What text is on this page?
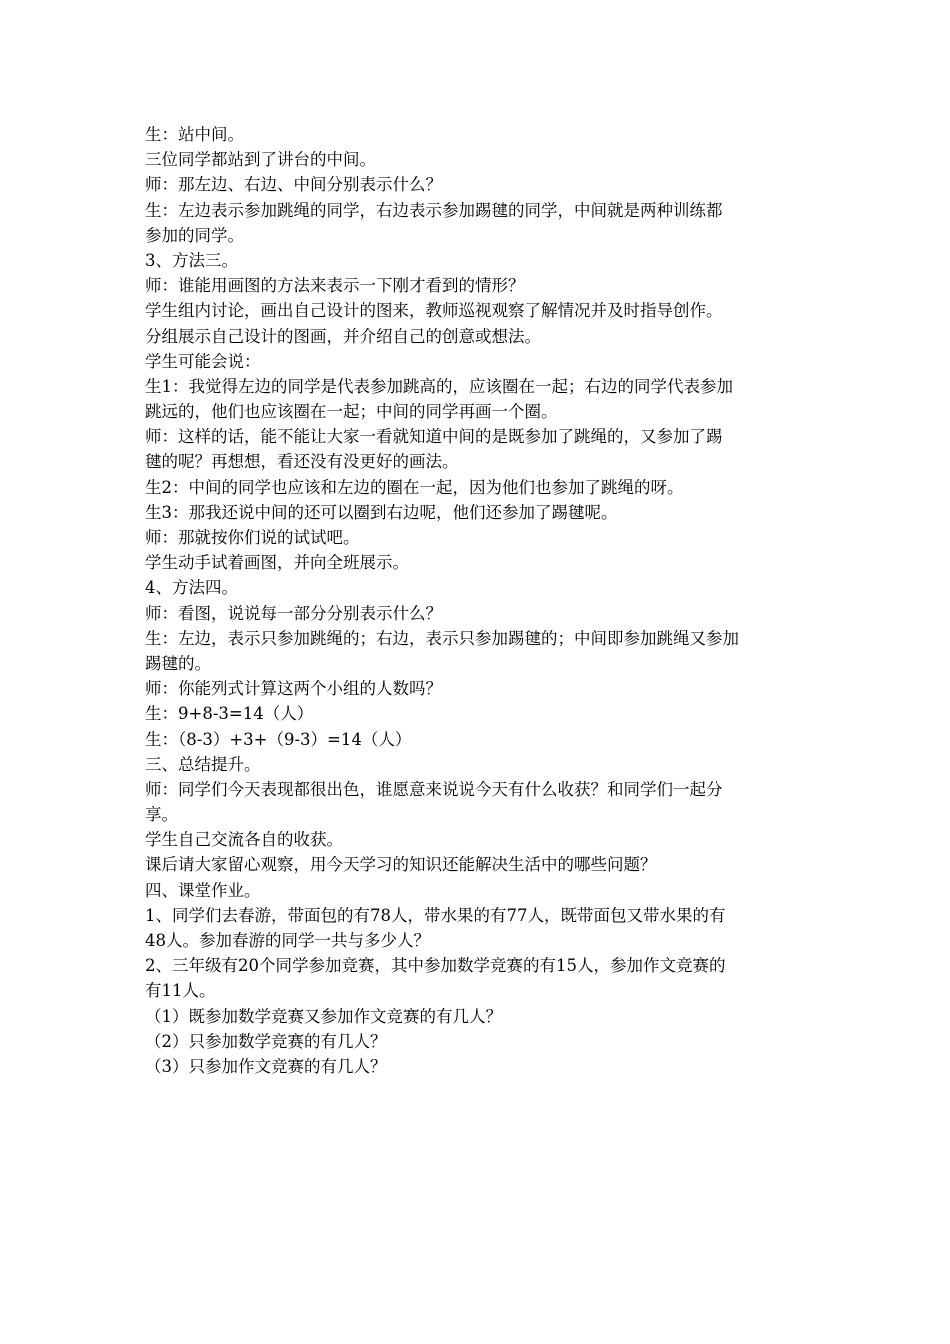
生：站中间。

三位同学都站到了讲台的中间。

师：那左边、右边、中间分别表示什么？

生：左边表示参加跳绳的同学，右边表示参加踢毽的同学，中间就是两种训练都

参加的同学。

3、方法三。

师：谁能用画图的方法来表示一下刚才看到的情形？

学生组内讨论，画出自己设计的图来，教师巡视观察了解情况并及时指导创作。

分组展示自己设计的图画，并介绍自己的创意或想法。

学生可能会说：

生1：我觉得左边的同学是代表参加跳高的，应该圈在一起；右边的同学代表参加

跳远的，他们也应该圈在一起；中间的同学再画一个圈。

师：这样的话，能不能让大家一看就知道中间的是既参加了跳绳的，又参加了踢

毽的呢？再想想，看还没有没更好的画法。

生2：中间的同学也应该和左边的圈在一起，因为他们也参加了跳绳的呀。

生3：那我还说中间的还可以圈到右边呢，他们还参加了踢毽呢。

师：那就按你们说的试试吧。

学生动手试着画图，并向全班展示。

4、方法四。

师：看图，说说每一部分分别表示什么？

生：左边，表示只参加跳绳的；右边，表示只参加踢毽的；中间即参加跳绳又参加

踢毽的。

师：你能列式计算这两个小组的人数吗？

生：9+8-3=14（人）

生：（8-3）+3+（9-3）=14（人）

三、总结提升。

师：同学们今天表现都很出色，谁愿意来说说今天有什么收获？和同学们一起分

享。

学生自己交流各自的收获。

课后请大家留心观察，用今天学习的知识还能解决生活中的哪些问题？

四、课堂作业。

1、同学们去春游，带面包的有78人，带水果的有77人，既带面包又带水果的有

48人。参加春游的同学一共与多少人？

2、三年级有20个同学参加竞赛，其中参加数学竞赛的有15人，参加作文竞赛的

有11人。

（1）既参加数学竞赛又参加作文竞赛的有几人？

（2）只参加数学竞赛的有几人？

（3）只参加作文竞赛的有几人？
